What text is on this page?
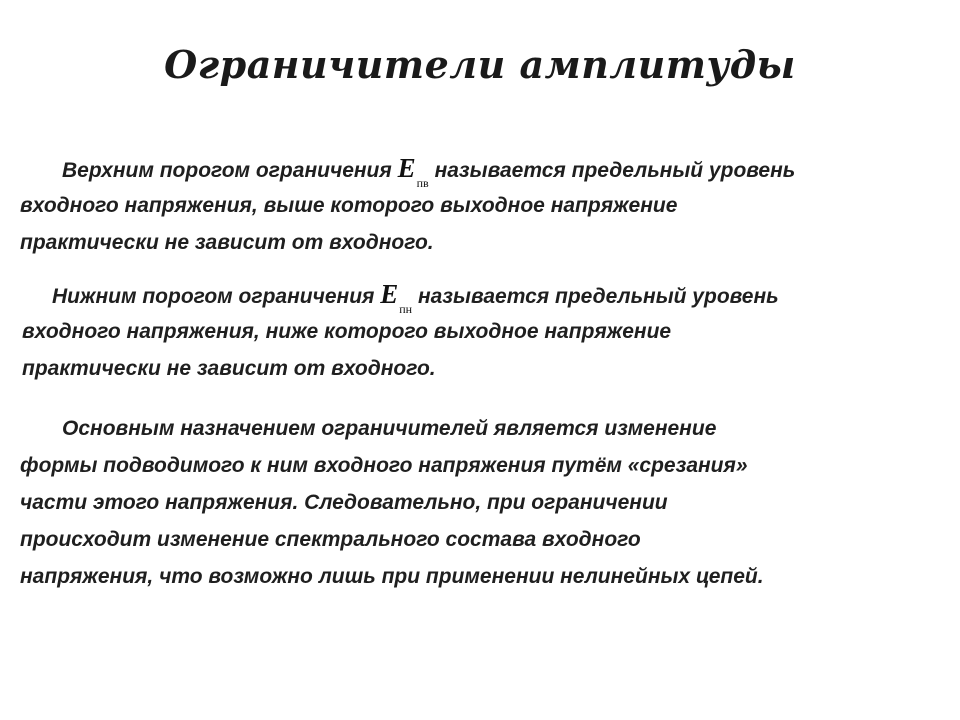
Ограничители амплитуды
Верхним порогом ограничения $E_{пв}$ называется предельный уровень
входного напряжения, выше которого выходное напряжение
практически не зависит от входного.
Нижним порогом ограничения $E_{пн}$ называется предельный уровень
входного напряжения, ниже которого выходное напряжение
практически не зависит от входного.
Основным назначением ограничителей является изменение
формы подводимого к ним входного напряжения путём «срезания»
части этого напряжения. Следовательно, при ограничении
происходит изменение спектрального состава входного
напряжения, что возможно лишь при применении нелинейных цепей.
